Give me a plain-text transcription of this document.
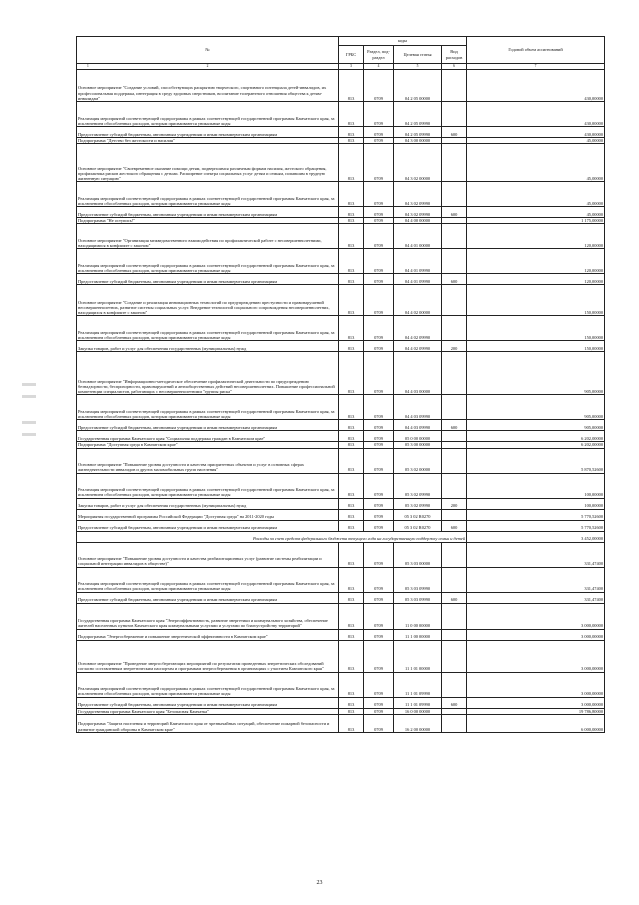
№	коды				Годовой объем ассигнований
	ГРБС	Раздел, под-раздел	Целевая статья	Вид расходов	

1 2	3	4	5	6	7
Основное мероприятие "Создание условий, способствующих раскрытию творческого, спортивного потенциала детей-инвалидов, их профессиональная поддержка, интеграция в среду здоровых сверстников, воспитание толерантного отношения общества к детям-инвалидам"	813	0709	04 2 05 00000		430,00000
Реализация мероприятий соответствующей подпрограммы в рамках соответствующей государственной программы Камчатского края, за исключением обособленных расходов, которым присваиваются уникальные коды	813	0709	04 2 05 09990		430,00000
Предоставление субсидий бюджетным, автономным учреждениям и иным некоммерческим организациям	813	0709	04 2 05 09990	600	430,00000
Подпрограмма "Детство без жестокости и насилия"	813	0709	04 3 00 00000		45,00000
Основное мероприятие "Своевременное оказание помощи детям, подвергшимся различным формам насилия, жестокого обращения, профилактика рисков жестокого обращения с детьми. Расширение спектра социальных услуг детям и семьям, попавшим в трудную жизненную ситуацию"	813	0709	04 3 02 00000		45,00000
Реализация мероприятий соответствующей подпрограммы в рамках соответствующей государственной программы Камчатского края, за исключением обособленных расходов, которым присваиваются уникальные коды	813	0709	04 3 02 09990		45,00000
Предоставление субсидий бюджетным, автономным учреждениям и иным некоммерческим организациям	813	0709	04 3 02 09990	600	45,00000
Подпрограмма "Не оступись!"	813	0709	04 4 00 00000		1 175,00000
Основное мероприятие "Организация межведомственного взаимодействия по профилактической работе с несовершеннолетними, находящимися в конфликте с законом"	813	0709	04 4 01 00000		120,00000
Реализация мероприятий соответствующей подпрограммы в рамках соответствующей государственной программы Камчатского края, за исключением обособленных расходов, которым присваиваются уникальные коды	813	0709	04 4 01 09990		120,00000
Предоставление субсидий бюджетным, автономным учреждениям и иным некоммерческим организациям	813	0709	04 4 01 09990	600	120,00000
Основное мероприятие "Создание и реализация инновационных технологий по предупреждению преступности и правонарушений несовершеннолетних, развитие системы социальных услуг. Внедрение технологий социального сопровождения несовершеннолетних, находящихся в конфликте с законом"	813	0709	04 4 02 00000		150,00000
Реализация мероприятий соответствующей подпрограммы в рамках соответствующей государственной программы Камчатского края, за исключением обособленных расходов, которым присваиваются уникальные коды	813	0709	04 4 02 09990		150,00000
Закупка товаров, работ и услуг для обеспечения государственных (муниципальных) нужд	813	0709	04 4 02 09990	200	150,00000
Основное мероприятие "Информационно-методическое обеспечение профилактической деятельности по предупреждению безнадзорности, беспризорности, правонарушений и антиобщественных действий несовершеннолетних. Повышение профессиональной компетенции специалистов, работающих с несовершеннолетними "группы риска"	813	0709	04 4 03 00000		905,00000
Реализация мероприятий соответствующей подпрограммы в рамках соответствующей государственной программы Камчатского края, за исключением обособленных расходов, которым присваиваются уникальные коды	813	0709	04 4 03 09990		905,00000
Предоставление субсидий бюджетным, автономным учреждениям и иным некоммерческим организациям	813	0709	04 4 03 09990	600	905,00000
Государственная программа Камчатского края "Социальная поддержка граждан в Камчатском крае"	813	0709	05 0 00 00000		6 202,00000
Подпрограмма "Доступная среда в Камчатском крае"	813	0709	05 3 00 00000		6 202,00000
Основное мероприятие "Повышение уровня доступности и качества приоритетных объектов и услуг в основных сферах жизнедеятельности инвалидов и других маломобильных групп населения"	813	0709	05 3 02 00000		5 870,52600
Реализация мероприятий соответствующей подпрограммы в рамках соответствующей государственной программы Камчатского края, за исключением обособленных расходов, которым присваиваются уникальные коды	813	0709	05 3 02 09990		100,00000
Закупка товаров, работ и услуг для обеспечения государственных (муниципальных) нужд	813	0709	05 3 02 09990	200	100,00000
Мероприятия государственной программы Российской Федерации "Доступная среда" на 2011-2020 годы	813	0709	05 3 02 R0270		5 770,52600
Предоставление субсидий бюджетным, автономным учреждениям и иным некоммерческим организациям	813	0709	05 3 02 R0270	600	5 770,52600
Расходы за счет средств федерального бюджета текущего года на государственную поддержку семьи и детей					3 452,00000
Основное мероприятие "Повышение уровня доступности и качества реабилитационных услуг (развитие системы реабилитации и социальной интеграции инвалидов в обществе)"	813	0709	05 3 03 00000		331,47400
Реализация мероприятий соответствующей подпрограммы в рамках соответствующей государственной программы Камчатского края, за исключением обособленных расходов, которым присваиваются уникальные коды	813	0709	05 3 03 09990		331,47400
Предоставление субсидий бюджетным, автономным учреждениям и иным некоммерческим организациям	813	0709	05 3 03 09990	600	331,47400
Государственная программа Камчатского края "Энергоэффективность, развитие энергетики и коммунального хозяйства, обеспечение жителей населенных пунктов Камчатского края коммунальными услугами и услугами по благоустройству территорий"	813	0709	11 0 00 00000		3 000,00000
Подпрограмма "Энергосбережение и повышение энергетической эффективности в Камчатском крае"	813	0709	11 1 00 00000		3 000,00000
Основное мероприятие "Проведение энергосберегающих мероприятий по результатам проведенных энергетических обследований согласно составленным энергетическим паспортам и программам энергосбережения в организациях с участием Камчатского края"	813	0709	11 1 01 00000		3 000,00000
Реализация мероприятий соответствующей подпрограммы в рамках соответствующей государственной программы Камчатского края, за исключением обособленных расходов, которым присваиваются уникальные коды	813	0709	11 1 01 09990		3 000,00000
Предоставление субсидий бюджетным, автономным учреждениям и иным некоммерческим организациям	813	0709	11 1 01 09990	600	3 000,00000
Государственная программа Камчатского края "Безопасная Камчатка"	813	0709	16 0 00 00000		19 786,80000
Подпрограмма "Защита населения и территорий Камчатского края от чрезвычайных ситуаций, обеспечение пожарной безопасности и развитие гражданской обороны в Камчатском крае"	813	0709	16 2 00 00000		6 000,00000
23
